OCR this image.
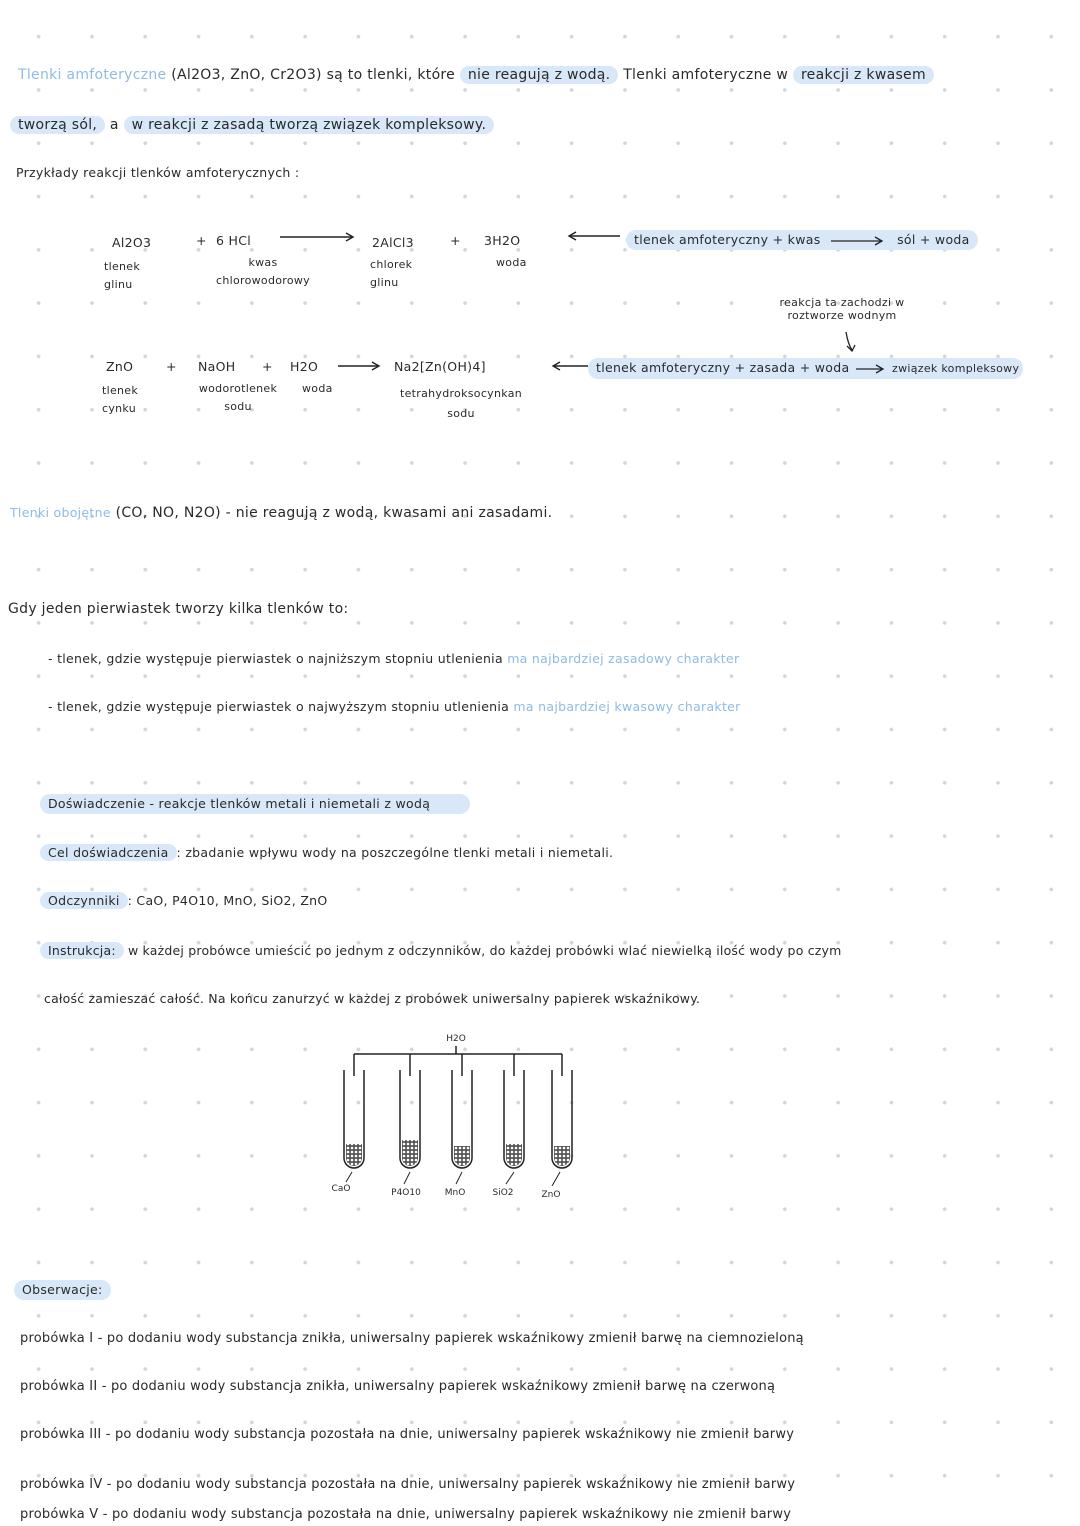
Tlenki amfoteryczne (Al2O3, ZnO, Cr2O3) są to tlenki, które nie reagują z wodą. Tlenki amfoteryczne w reakcji z kwasem
tworzą sól, a w reakcji z zasadą tworzą związek kompleksowy.
Przykłady reakcji tlenków amfoterycznych :
Al2O3
tlenek glinu
+ 6 HCl
kwas chlorowodorowy
2AlCl3
chlorek glinu
+ 3H2O
woda
tlenek amfoteryczny + kwas	sól + woda
reakcja ta zachodzi w roztworze wodnym
ZnO
tlenek cynku
+ NaOH
wodorotlenek sodu
+ H2O
woda
Na2[Zn(OH)4]
tetrahydroksocynkan sodu
tlenek amfoteryczny + zasada + woda	związek kompleksowy
Tlenki obojętne (CO, NO, N2O) - nie reagują z wodą, kwasami ani zasadami.
Gdy jeden pierwiastek tworzy kilka tlenków to:
- tlenek, gdzie występuje pierwiastek o najniższym stopniu utlenienia ma najbardziej zasadowy charakter
- tlenek, gdzie występuje pierwiastek o najwyższym stopniu utlenienia ma najbardziej kwasowy charakter
Doświadczenie - reakcje tlenków metali i niemetali z wodą
Cel doświadczenia : zbadanie wpływu wody na poszczególne tlenki metali i niemetali.
Odczynniki : CaO, P4O10, MnO, SiO2, ZnO
Instrukcja: w każdej probówce umieścić po jednym z odczynników, do każdej probówki wlać niewielką ilość wody po czym
całość zamieszać całość. Na końcu zanurzyć w każdej z probówek uniwersalny papierek wskaźnikowy.
H2O
CaO	P4O10	MnO	SiO2	ZnO
Obserwacje:
probówka I - po dodaniu wody substancja znikła, uniwersalny papierek wskaźnikowy zmienił barwę na ciemnozieloną
probówka II - po dodaniu wody substancja znikła, uniwersalny papierek wskaźnikowy zmienił barwę na czerwoną
probówka III - po dodaniu wody substancja pozostała na dnie, uniwersalny papierek wskaźnikowy nie zmienił barwy
probówka IV - po dodaniu wody substancja pozostała na dnie, uniwersalny papierek wskaźnikowy nie zmienił barwy
probówka V - po dodaniu wody substancja pozostała na dnie, uniwersalny papierek wskaźnikowy nie zmienił barwy
